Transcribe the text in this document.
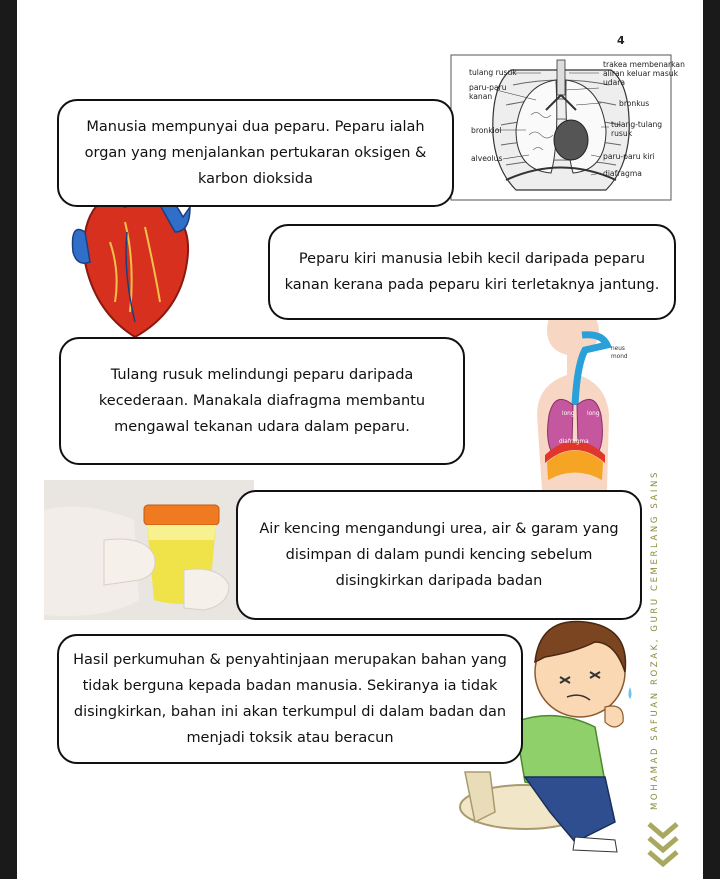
4
tulang rusuk
paru-paru
kanan
bronkiol
alveolus
trakea membenarkan
aliran keluar masuk
udara
bronkus
tulang-tulang
rusuk
paru-paru kiri
diafragma
long long
diafragma
neus
mond
Manusia mempunyai dua peparu. Peparu ialah organ yang menjalankan pertukaran oksigen & karbon dioksida
Peparu kiri manusia lebih kecil daripada peparu kanan kerana pada peparu kiri terletaknya jantung.
Tulang rusuk melindungi peparu daripada kecederaan. Manakala diafragma membantu mengawal tekanan udara dalam peparu.
Air kencing mengandungi urea, air & garam yang disimpan di dalam pundi kencing sebelum disingkirkan daripada badan
Hasil perkumuhan & penyahtinjaan merupakan bahan yang tidak berguna kepada badan manusia. Sekiranya ia tidak disingkirkan, bahan ini akan terkumpul di dalam badan dan menjadi toksik atau beracun	MOHAMAD SAFUAN ROZAK, GURU CEMERLANG SAINS
